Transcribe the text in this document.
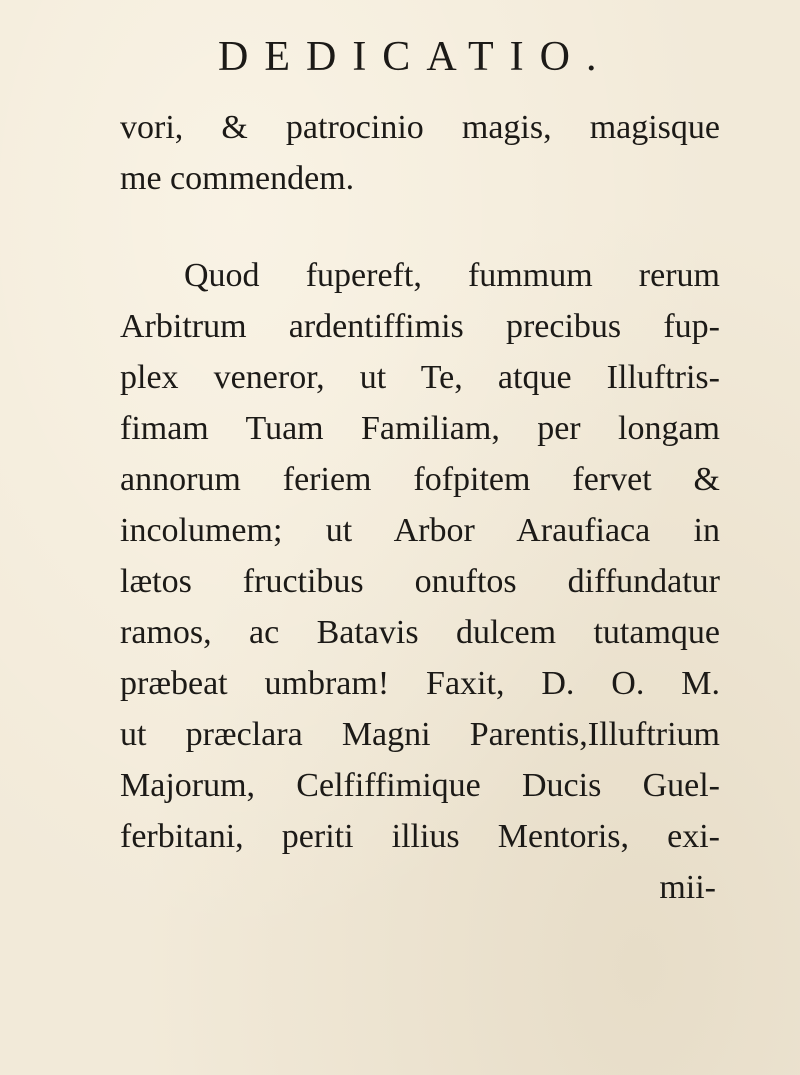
DEDICATIO.
vori, & patrocinio magis, magisque
me commendem.
Quod fupereft, fummum rerum
Arbitrum ardentiffimis precibus fup-
plex veneror, ut Te, atque Illuftris-
fimam Tuam Familiam, per longam
annorum feriem fofpitem fervet &
incolumem; ut Arbor Araufiaca in
lætos fructibus onuftos diffundatur
ramos, ac Batavis dulcem tutamque
præbeat umbram! Faxit, D. O. M.
ut præclara Magni Parentis,Illuftrium
Majorum, Celfiffimique Ducis Guel-
ferbitani, periti illius Mentoris, exi-
mii-
